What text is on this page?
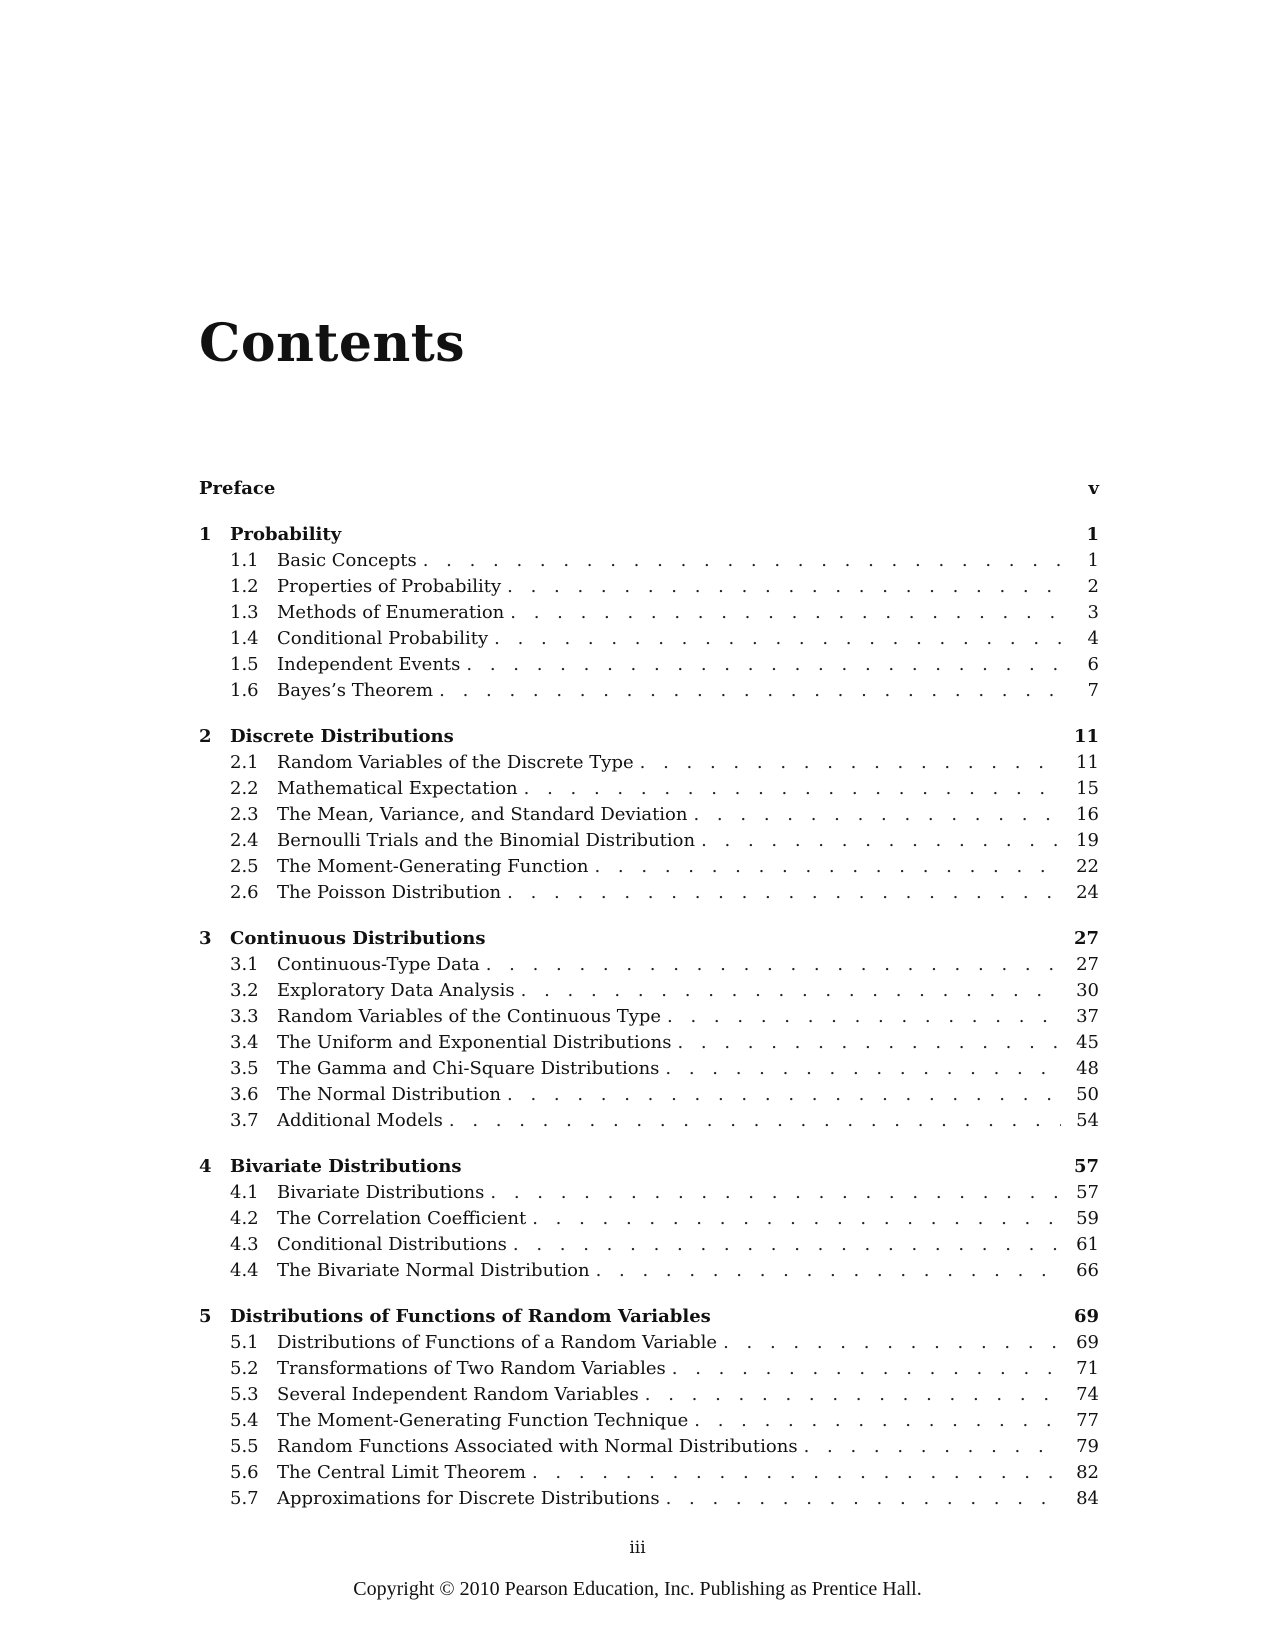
Contents
Preface	v
1	Probability	1
1.1	Basic Concepts . . .	1
1.2	Properties of Probability . . .	2
1.3	Methods of Enumeration . . .	3
1.4	Conditional Probability . . .	4
1.5	Independent Events . . .	6
1.6	Bayes’s Theorem . . .	7
2	Discrete Distributions	11
2.1	Random Variables of the Discrete Type . . .	11
2.2	Mathematical Expectation . . .	15
2.3	The Mean, Variance, and Standard Deviation . . .	16
2.4	Bernoulli Trials and the Binomial Distribution . . .	19
2.5	The Moment-Generating Function . . .	22
2.6	The Poisson Distribution . . .	24
3	Continuous Distributions	27
3.1	Continuous-Type Data . . .	27
3.2	Exploratory Data Analysis . . .	30
3.3	Random Variables of the Continuous Type . . .	37
3.4	The Uniform and Exponential Distributions . . .	45
3.5	The Gamma and Chi-Square Distributions . . .	48
3.6	The Normal Distribution . . .	50
3.7	Additional Models . . .	54
4	Bivariate Distributions	57
4.1	Bivariate Distributions . . .	57
4.2	The Correlation Coefficient . . .	59
4.3	Conditional Distributions . . .	61
4.4	The Bivariate Normal Distribution . . .	66
5	Distributions of Functions of Random Variables	69
5.1	Distributions of Functions of a Random Variable . . .	69
5.2	Transformations of Two Random Variables . . .	71
5.3	Several Independent Random Variables . . .	74
5.4	The Moment-Generating Function Technique . . .	77
5.5	Random Functions Associated with Normal Distributions . . .	79
5.6	The Central Limit Theorem . . .	82
5.7	Approximations for Discrete Distributions . . .	84
iii
Copyright © 2010 Pearson Education, Inc. Publishing as Prentice Hall.
